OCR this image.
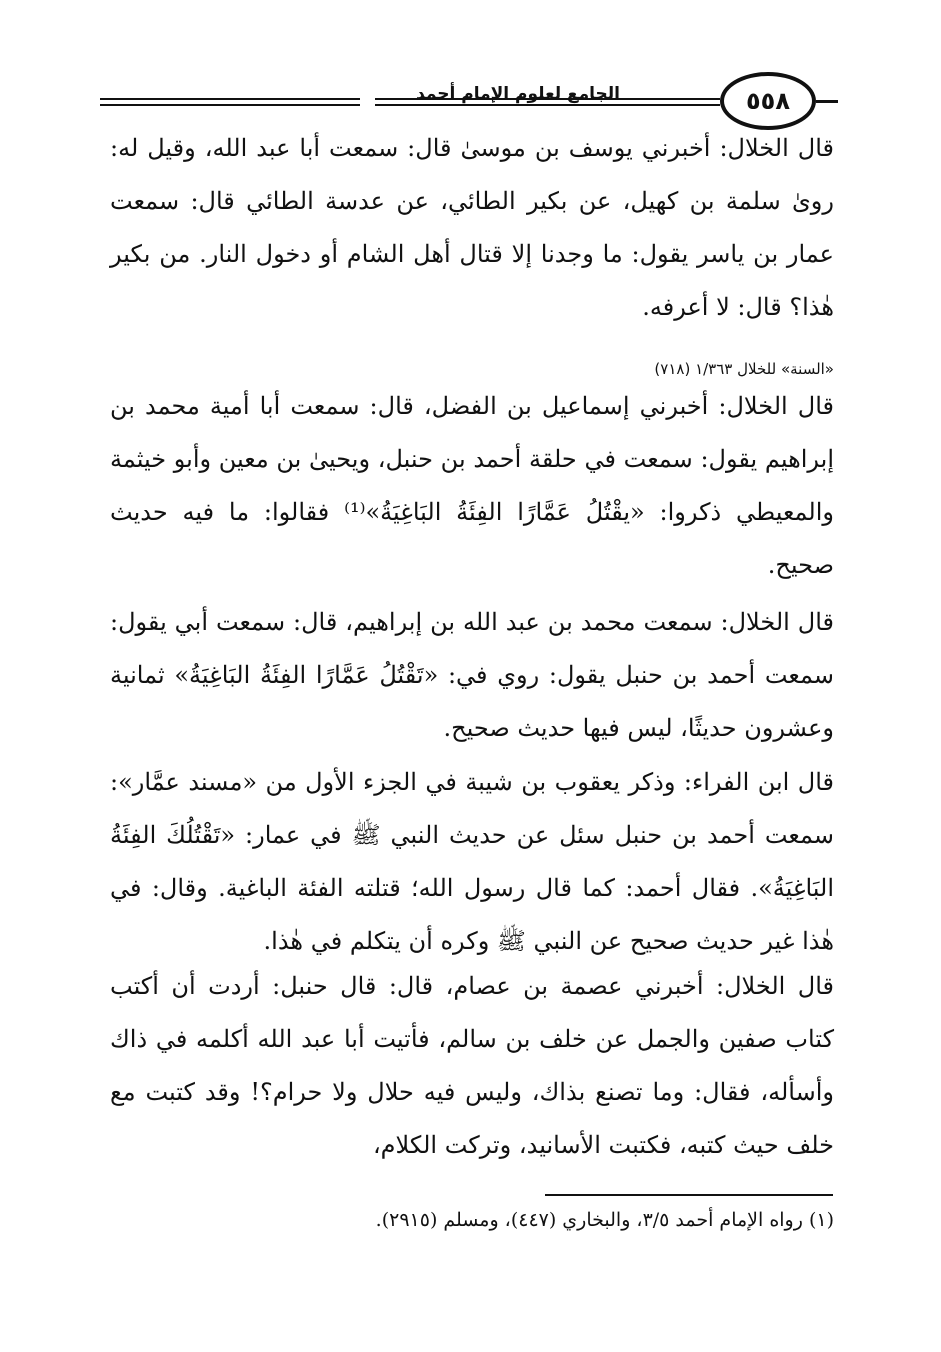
الجامع لعلوم الإمام أحمد	٥٥٨

قال الخلال: أخبرني يوسف بن موسىٰ قال: سمعت أبا عبد الله، وقيل له: روىٰ سلمة بن كهيل، عن بكير الطائي، عن عدسة الطائي قال: سمعت عمار بن ياسر يقول: ما وجدنا إلا قتال أهل الشام أو دخول النار. من بكير هٰذا؟ قال: لا أعرفه.

«السنة» للخلال ١/٣٦٣ (٧١٨)

قال الخلال: أخبرني إسماعيل بن الفضل، قال: سمعت أبا أمية محمد بن إبراهيم يقول: سمعت في حلقة أحمد بن حنبل، ويحيىٰ بن معين وأبو خيثمة والمعيطي ذكروا: «يقْتُلُ عَمَّارًا الفِئَةُ البَاغِيَةُ»⁽¹⁾ فقالوا: ما فيه حديث صحيح.

قال الخلال: سمعت محمد بن عبد الله بن إبراهيم، قال: سمعت أبي يقول: سمعت أحمد بن حنبل يقول: روي في: «تَقْتُلُ عَمَّارًا الفِئَةُ البَاغِيَةُ» ثمانية وعشرون حديثًا، ليس فيها حديث صحيح.

قال ابن الفراء: وذكر يعقوب بن شيبة في الجزء الأول من «مسند عمَّار»: سمعت أحمد بن حنبل سئل عن حديث النبي ﷺ في عمار: «تَقْتُلُكَ الفِئَةُ البَاغِيَةُ». فقال أحمد: كما قال رسول الله؛ قتلته الفئة الباغية. وقال: في هٰذا غير حديث صحيح عن النبي ﷺ وكره أن يتكلم في هٰذا.

قال الخلال: أخبرني عصمة بن عصام، قال: قال حنبل: أردت أن أكتب كتاب صفين والجمل عن خلف بن سالم، فأتيت أبا عبد الله أكلمه في ذاك وأسأله، فقال: وما تصنع بذاك، وليس فيه حلال ولا حرام؟! وقد كتبت مع خلف حيث كتبه، فكتبت الأسانيد، وتركت الكلام،

(١) رواه الإمام أحمد ٣/٥، والبخاري (٤٤٧)، ومسلم (٢٩١٥).
